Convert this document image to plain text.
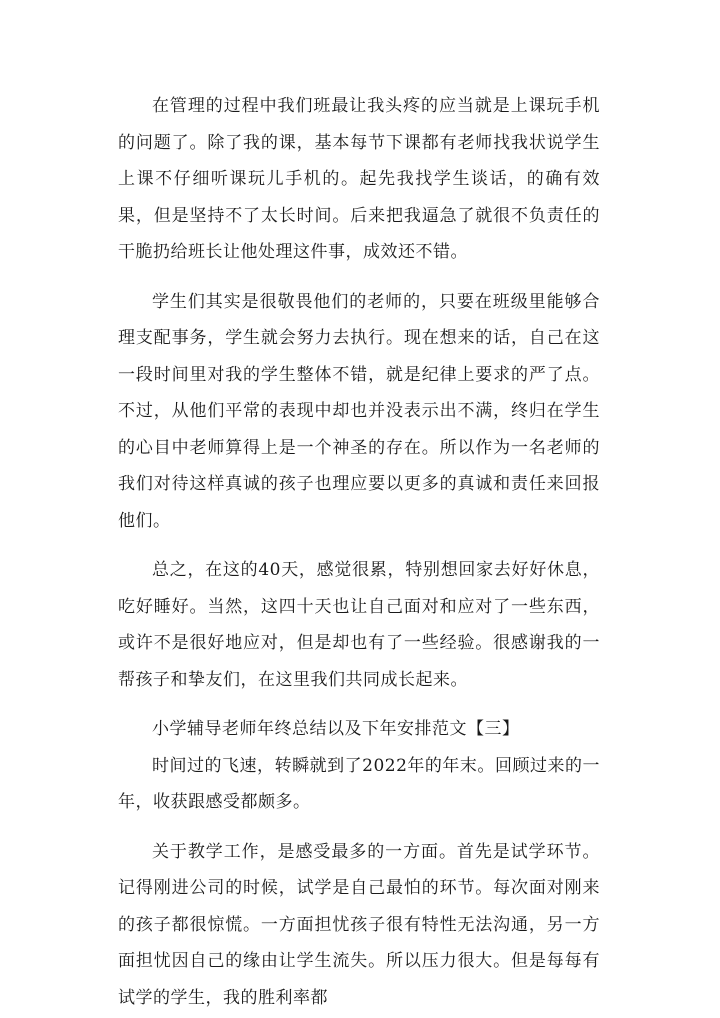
在管理的过程中我们班最让我头疼的应当就是上课玩手机的问题了。除了我的课，基本每节下课都有老师找我状说学生上课不仔细听课玩儿手机的。起先我找学生谈话，的确有效果，但是坚持不了太长时间。后来把我逼急了就很不负责任的干脆扔给班长让他处理这件事，成效还不错。

学生们其实是很敬畏他们的老师的，只要在班级里能够合理支配事务，学生就会努力去执行。现在想来的话，自己在这一段时间里对我的学生整体不错，就是纪律上要求的严了点。不过，从他们平常的表现中却也并没表示出不满，终归在学生的心目中老师算得上是一个神圣的存在。所以作为一名老师的我们对待这样真诚的孩子也理应要以更多的真诚和责任来回报他们。

总之，在这的40天，感觉很累，特别想回家去好好休息，吃好睡好。当然，这四十天也让自己面对和应对了一些东西，或许不是很好地应对，但是却也有了一些经验。很感谢我的一帮孩子和挚友们，在这里我们共同成长起来。

小学辅导老师年终总结以及下年安排范文【三】

时间过的飞速，转瞬就到了2022年的年末。回顾过来的一年，收获跟感受都颇多。

关于教学工作，是感受最多的一方面。首先是试学环节。记得刚进公司的时候，试学是自己最怕的环节。每次面对刚来的孩子都很惊慌。一方面担忧孩子很有特性无法沟通，另一方面担忧因自己的缘由让学生流失。所以压力很大。但是每每有试学的学生，我的胜利率都
